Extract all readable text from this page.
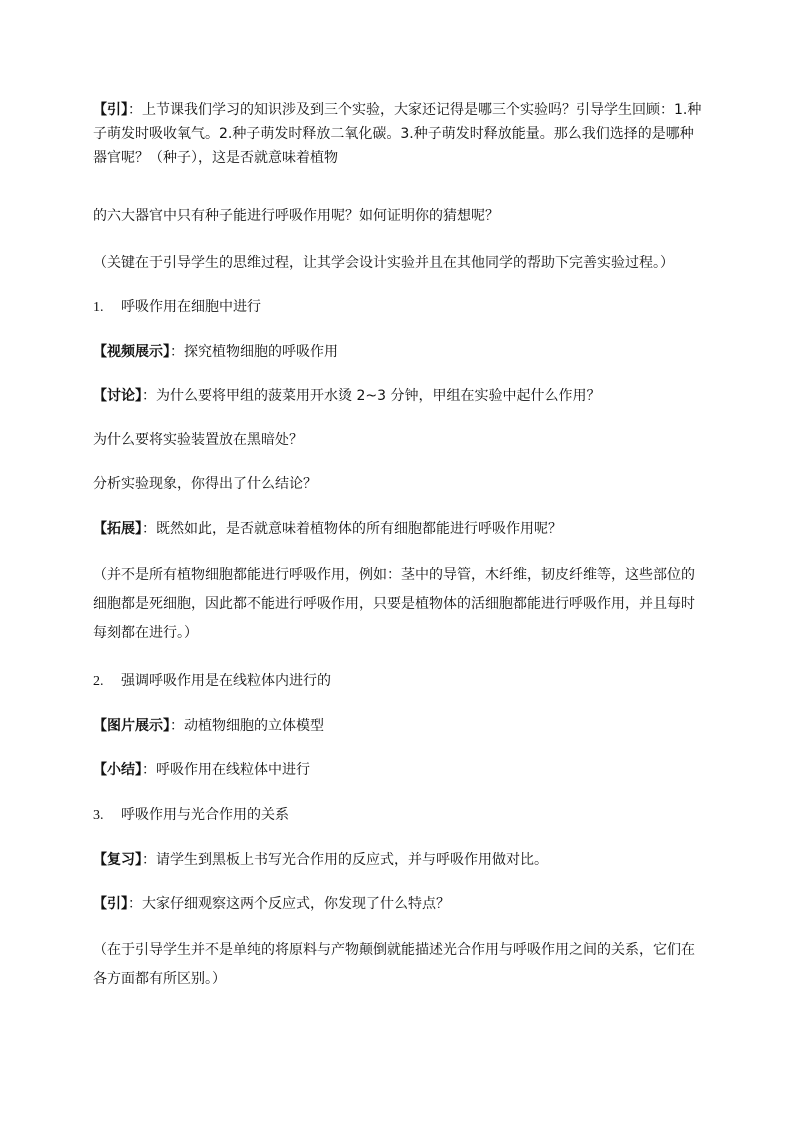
【引】：上节课我们学习的知识涉及到三个实验，大家还记得是哪三个实验吗？引导学生回顾：1.种子萌发时吸收氧气。2.种子萌发时释放二氧化碳。3.种子萌发时释放能量。那么我们选择的是哪种器官呢？（种子），这是否就意味着植物

的六大器官中只有种子能进行呼吸作用呢？如何证明你的猜想呢？

（关键在于引导学生的思维过程，让其学会设计实验并且在其他同学的帮助下完善实验过程。）

1. 呼吸作用在细胞中进行

【视频展示】：探究植物细胞的呼吸作用

【讨论】：为什么要将甲组的菠菜用开水烫 2~3 分钟，甲组在实验中起什么作用？

为什么要将实验装置放在黑暗处？

分析实验现象，你得出了什么结论？

【拓展】：既然如此，是否就意味着植物体的所有细胞都能进行呼吸作用呢？

（并不是所有植物细胞都能进行呼吸作用，例如：茎中的导管，木纤维，韧皮纤维等，这些部位的细胞都是死细胞，因此都不能进行呼吸作用，只要是植物体的活细胞都能进行呼吸作用，并且每时每刻都在进行。）

2. 强调呼吸作用是在线粒体内进行的

【图片展示】：动植物细胞的立体模型

【小结】：呼吸作用在线粒体中进行

3. 呼吸作用与光合作用的关系

【复习】：请学生到黑板上书写光合作用的反应式，并与呼吸作用做对比。

【引】：大家仔细观察这两个反应式，你发现了什么特点？

（在于引导学生并不是单纯的将原料与产物颠倒就能描述光合作用与呼吸作用之间的关系，它们在各方面都有所区别。）
